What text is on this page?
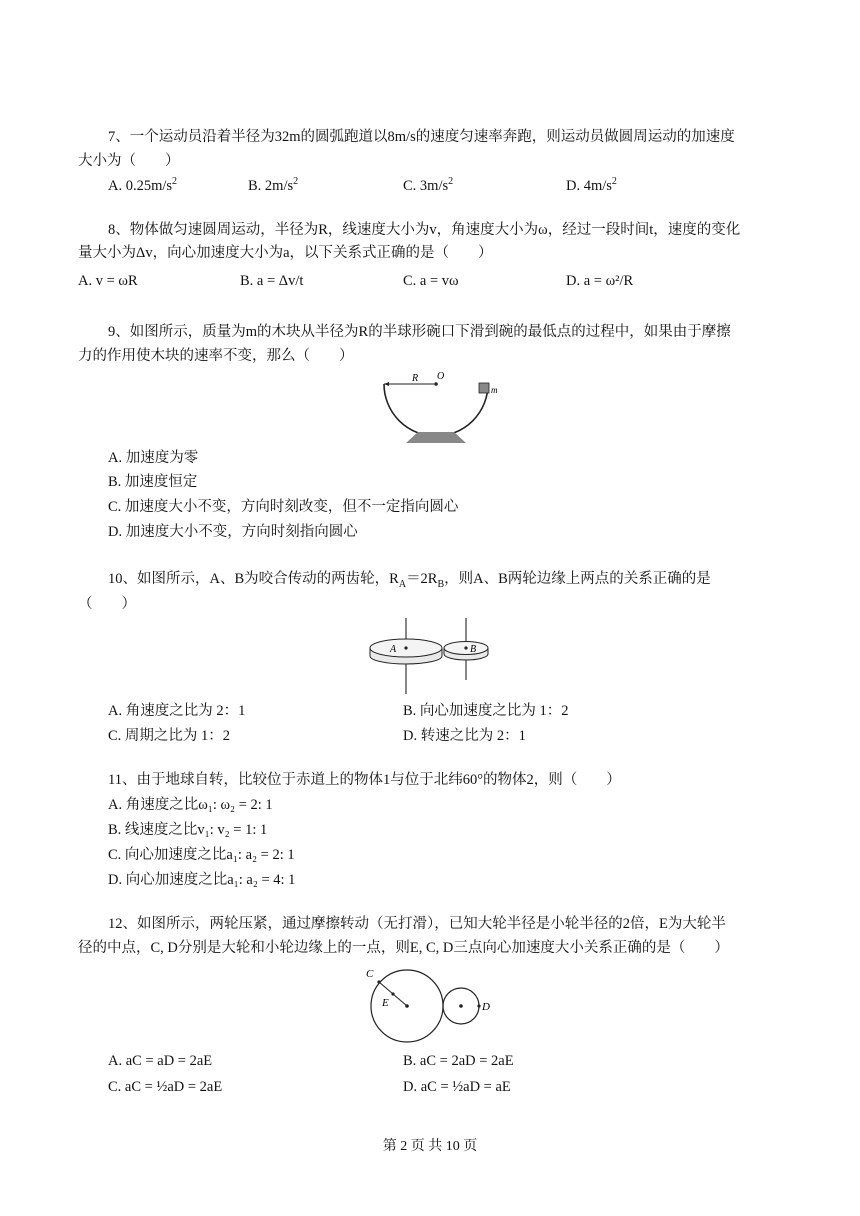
7、一个运动员沿着半径为32m的圆弧跑道以8m/s的速度匀速率奔跑，则运动员做圆周运动的加速度
大小为（　　）
A. $0.25m/s^2$	B. $2m/s^2$	C. $3m/s^2$	D. $4m/s^2$
8、物体做匀速圆周运动，半径为R，线速度大小为v，角速度大小为ω，经过一段时间t，速度的变化
量大小为Δv，向心加速度大小为a，以下关系式正确的是（　　）
A. v = ωR	B. a = Δv/t	C. a = vω	D. a = ω²/R
9、如图所示，质量为m的木块从半径为R的半球形碗口下滑到碗的最低点的过程中，如果由于摩擦
力的作用使木块的速率不变，那么（　　）
R O
m
A. 加速度为零
B. 加速度恒定
C. 加速度大小不变，方向时刻改变，但不一定指向圆心
D. 加速度大小不变，方向时刻指向圆心
10、如图所示，A、B为咬合传动的两齿轮，$R_A=2R_B$，则A、B两轮边缘上两点的关系正确的是
（　　）
A	B
A. 角速度之比为 2：1	B. 向心加速度之比为 1：2
C. 周期之比为 1：2	D. 转速之比为 2：1
11、由于地球自转，比较位于赤道上的物体1与位于北纬60°的物体2，则（　　）
A. 角速度之比ω₁: ω₂ = 2: 1
B. 线速度之比v₁: v₂ = 1: 1
C. 向心加速度之比a₁: a₂ = 2: 1
D. 向心加速度之比a₁: a₂ = 4: 1
12、如图所示，两轮压紧，通过摩擦转动（无打滑），已知大轮半径是小轮半径的2倍，E为大轮半
径的中点，C, D分别是大轮和小轮边缘上的一点，则E, C, D三点向心加速度大小关系正确的是（　　）
C
E	D
A. aC = aD = 2aE	B. aC = 2aD = 2aE
C. aC = ½aD = 2aE	D. aC = ½aD = aE
第 2 页 共 10 页
